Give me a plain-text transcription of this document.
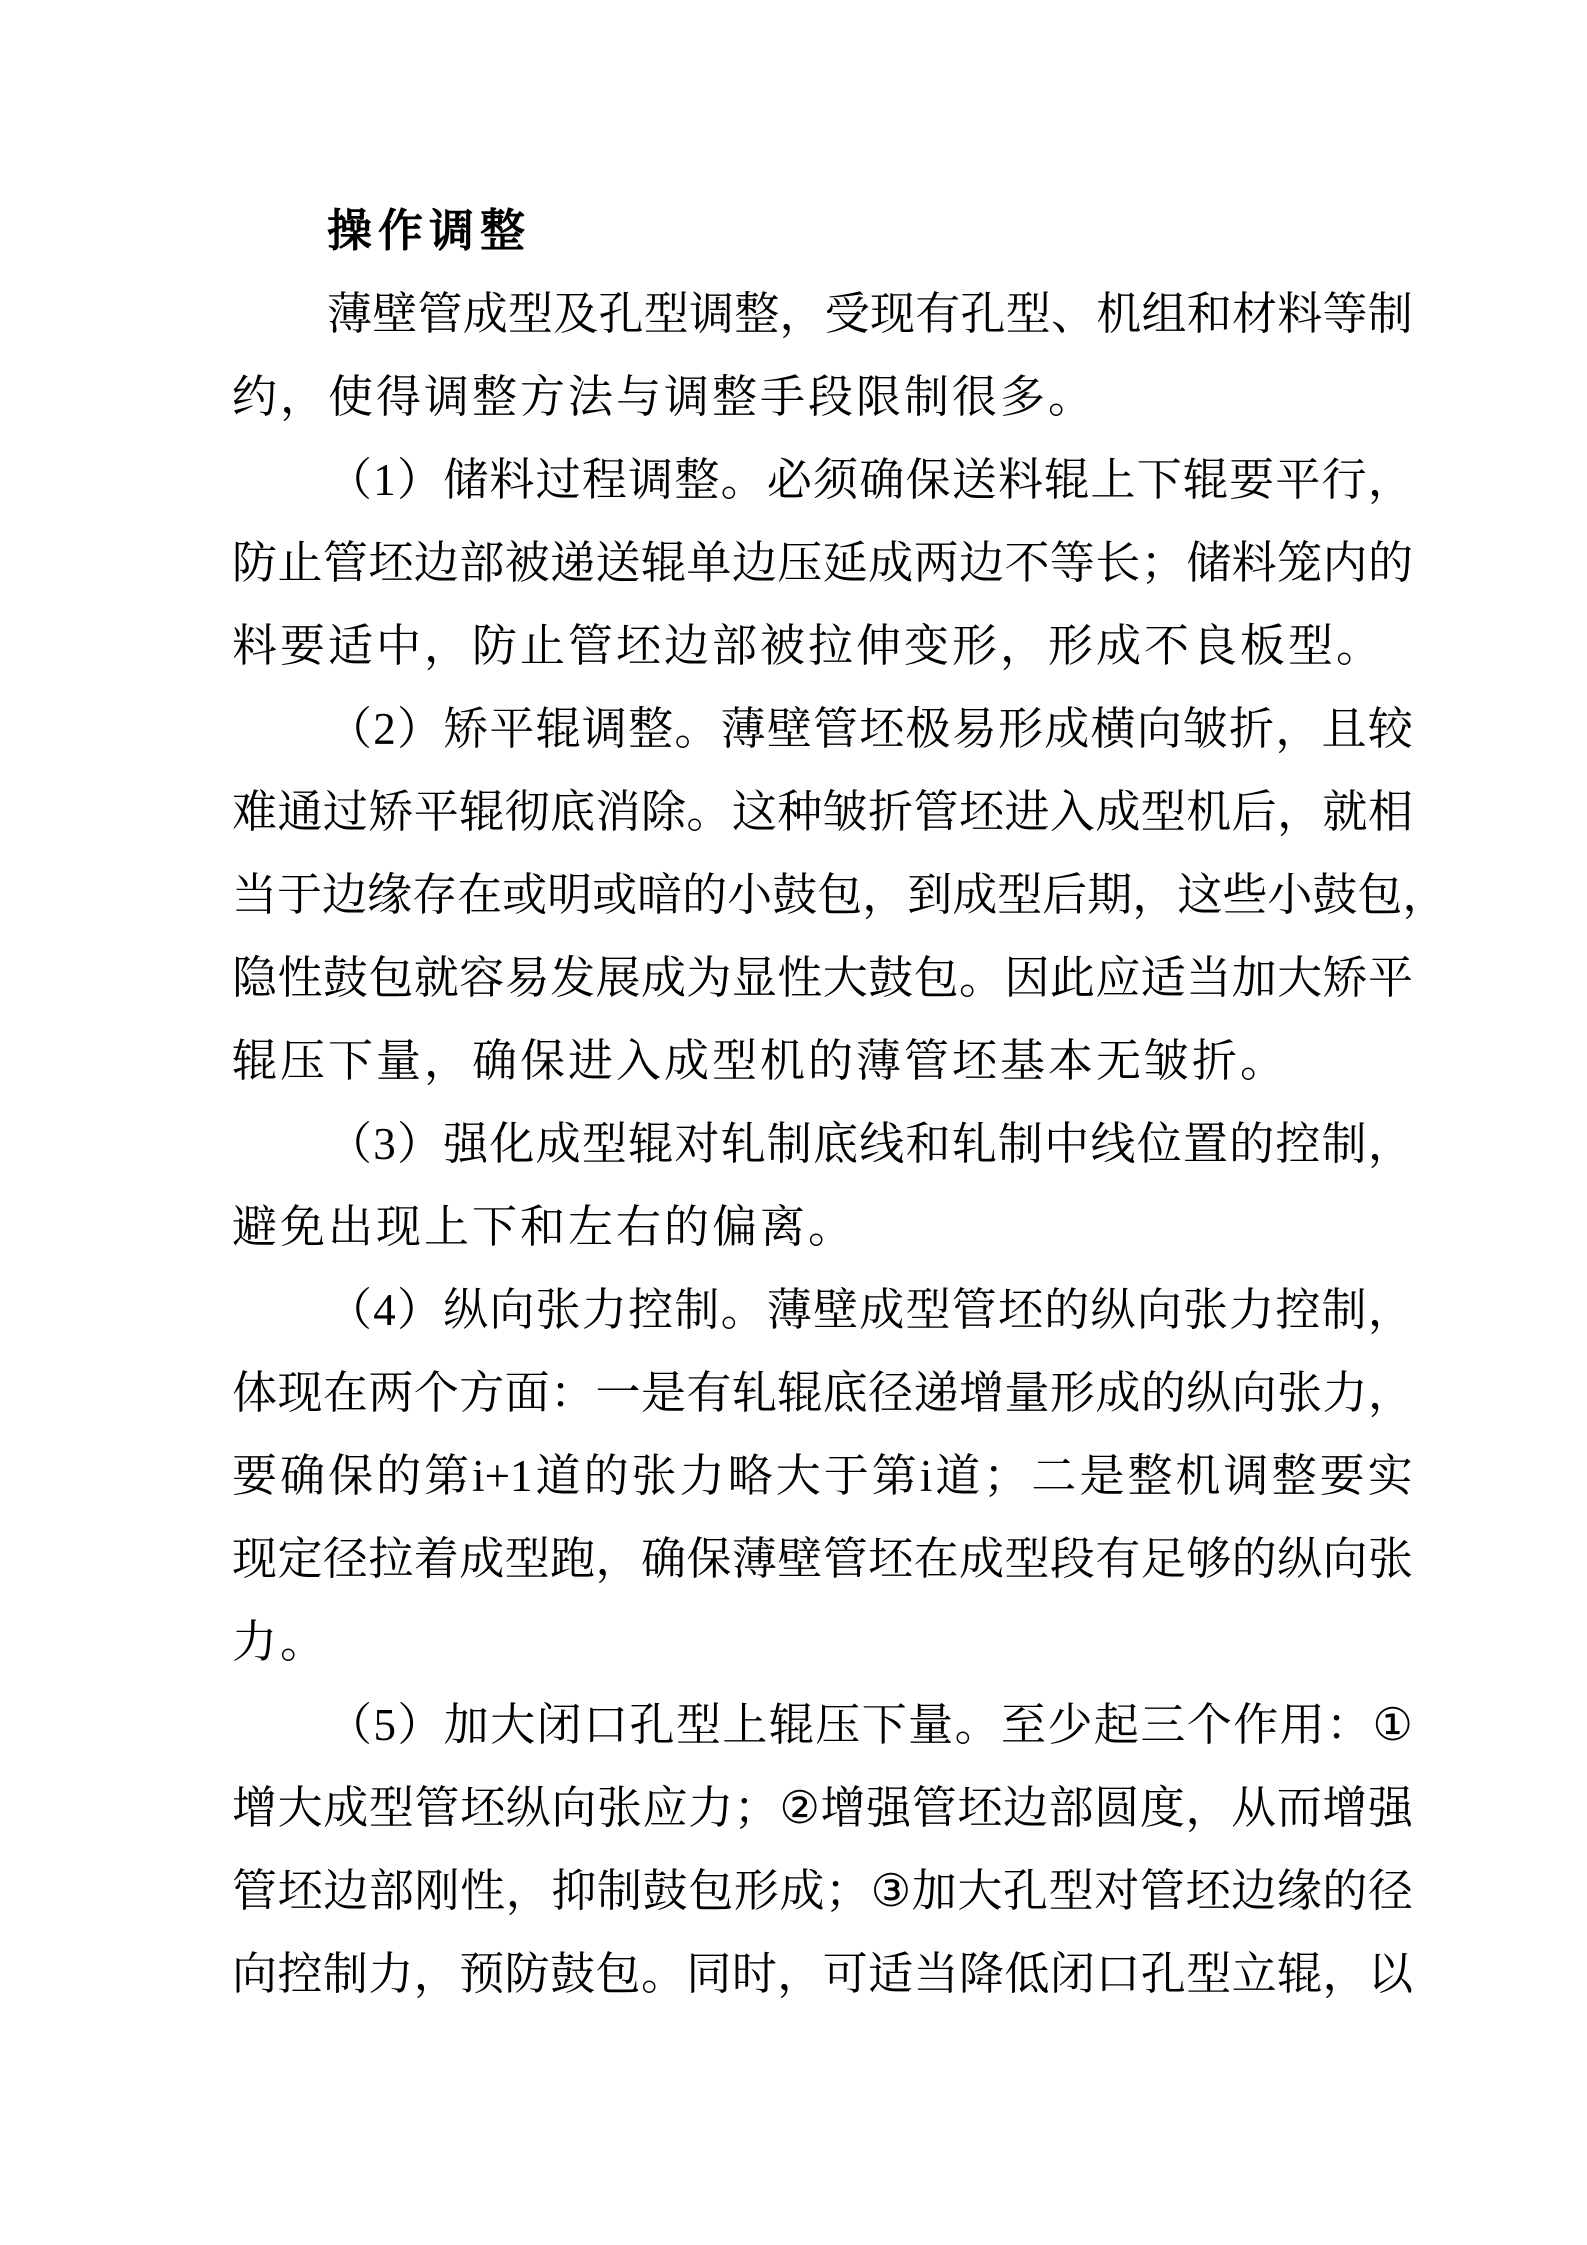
操作调整
薄 壁 管 成 型 及 孔 型 调 整 ， 受 现 有 孔 型 、 机 组 和 材 料 等 制
约，使得调整方法与调整手段限制很多。
（ 1 ） 储 料 过 程 调 整 。 必 须 确 保 送 料 辊 上 下 辊 要 平 行 ，
防 止 管 坯 边 部 被 递 送 辊 单 边 压 延 成 两 边 不 等 长 ； 储 料 笼 内 的
料要适中，防止管坯边部被拉伸变形，形成不良板型。
（ 2 ） 矫 平 辊 调 整 。 薄 壁 管 坯 极 易 形 成 横 向 皱 折 ， 且 较
难 通 过 矫 平 辊 彻 底 消 除 。 这 种 皱 折 管 坯 进 入 成 型 机 后 ， 就 相
当 于 边 缘 存 在 或 明 或 暗 的 小 鼓 包 ， 到 成 型 后 期 ， 这 些 小 鼓 包 ，
隐 性 鼓 包 就 容 易 发 展 成 为 显 性 大 鼓 包 。 因 此 应 适 当 加 大 矫 平
辊压下量，确保进入成型机的薄管坯基本无皱折。
（ 3 ） 强 化 成 型 辊 对 轧 制 底 线 和 轧 制 中 线 位 置 的 控 制 ，
避免出现上下和左右的偏离。
（ 4 ） 纵 向 张 力 控 制 。 薄 壁 成 型 管 坯 的 纵 向 张 力 控 制 ，
体 现 在 两 个 方 面 ： 一 是 有 轧 辊 底 径 递 增 量 形 成 的 纵 向 张 力 ，
要 确 保 的 第 i+1 道 的 张 力 略 大 于 第 i 道 ； 二 是 整 机 调 整 要 实
现 定 径 拉 着 成 型 跑 ， 确 保 薄 壁 管 坯 在 成 型 段 有 足 够 的 纵 向 张
力。
（ 5 ） 加 大 闭 口 孔 型 上 辊 压 下 量 。 至 少 起 三 个 作 用 ： ①
增 大 成 型 管 坯 纵 向 张 应 力 ； ② 增 强 管 坯 边 部 圆 度 ， 从 而 增 强
管 坯 边 部 刚 性 ， 抑 制 鼓 包 形 成 ； ③ 加 大 孔 型 对 管 坯 边 缘 的 径
向 控 制 力 ， 预 防 鼓 包 。 同 时 ， 可 适 当 降 低 闭 口 孔 型 立 辊 ， 以
